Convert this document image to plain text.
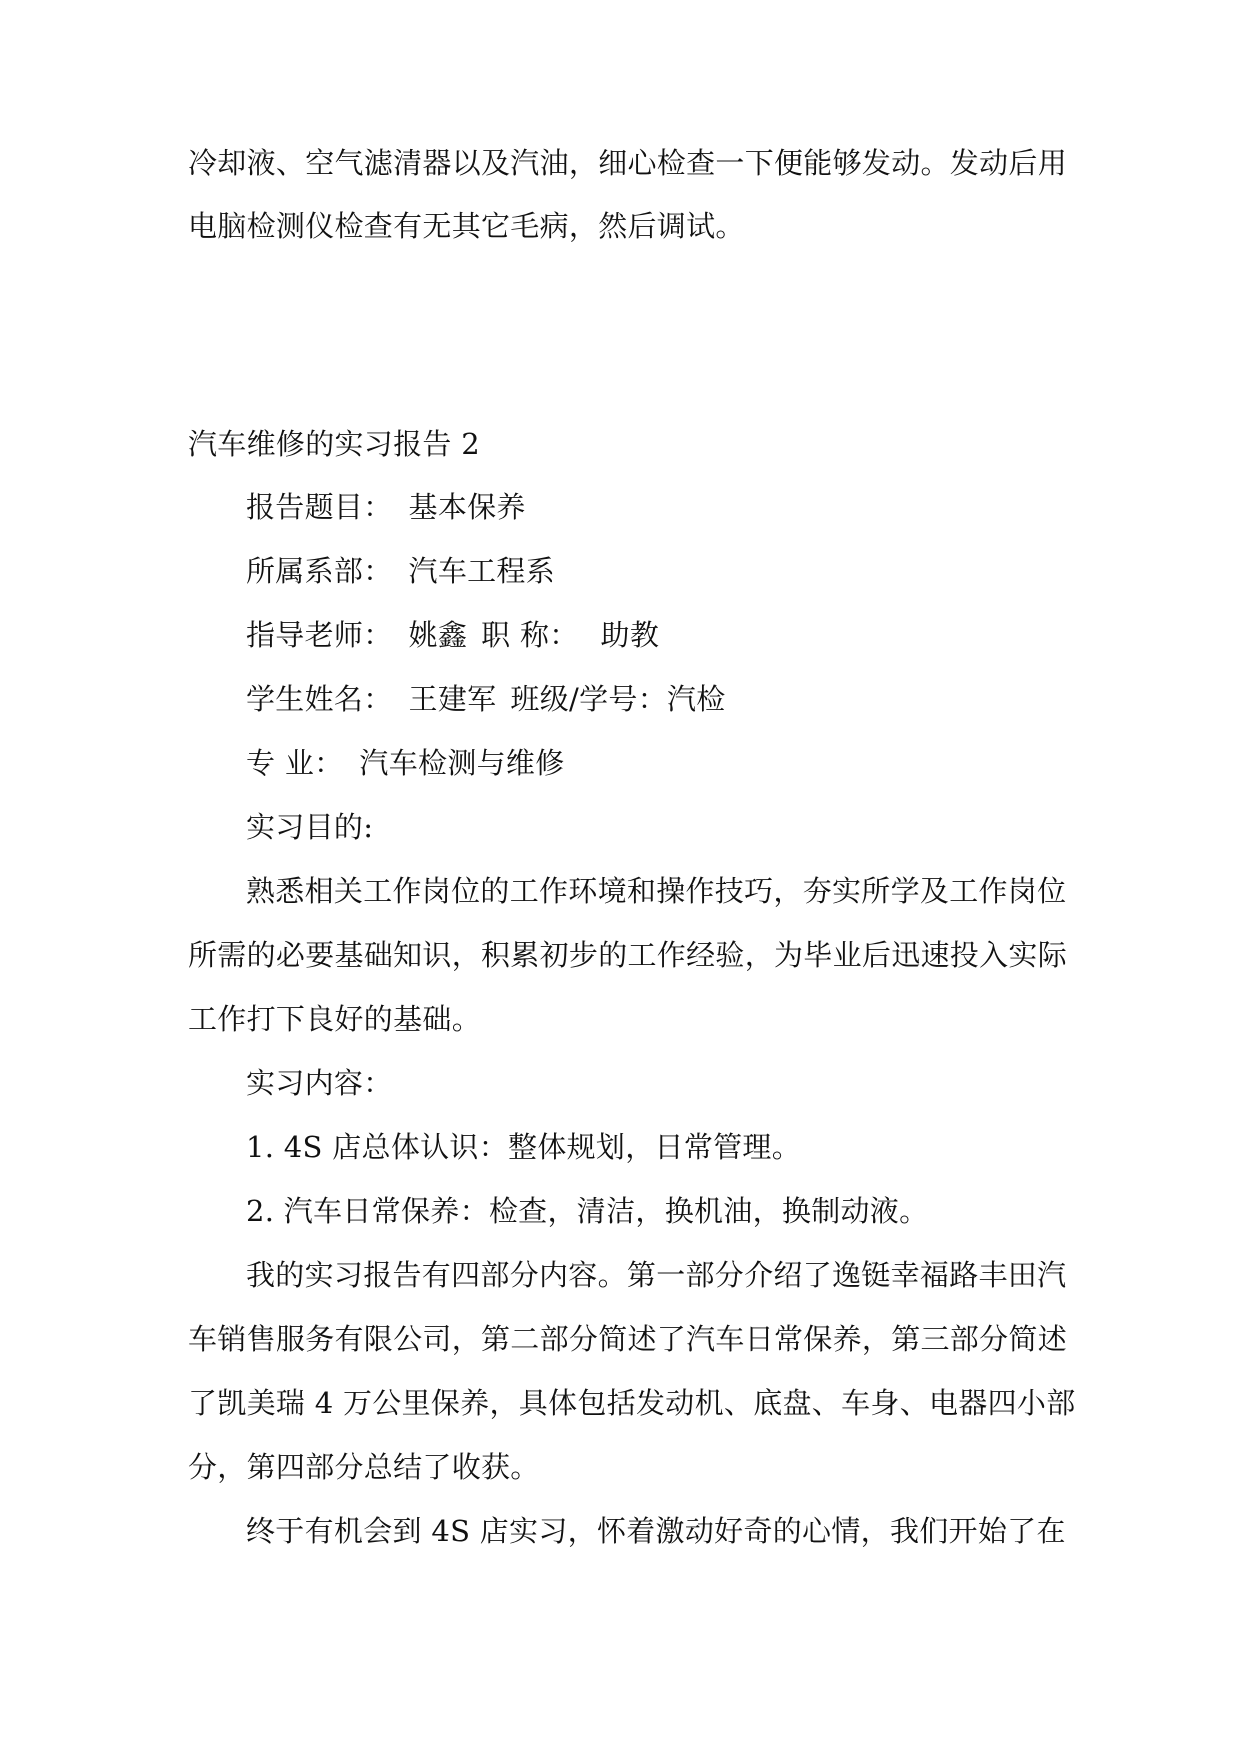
冷却液、空气滤清器以及汽油，细心检查一下便能够发动。发动后用
电脑检测仪检查有无其它毛病，然后调试。
汽车维修的实习报告 2
报告题目： 基本保养
所属系部： 汽车工程系
指导老师： 姚鑫 职 称： 助教
学生姓名： 王建军 班级/学号：汽检
专 业： 汽车检测与维修
实习目的:
熟悉相关工作岗位的工作环境和操作技巧，夯实所学及工作岗位
所需的必要基础知识，积累初步的工作经验，为毕业后迅速投入实际
工作打下良好的基础。
实习内容：
1. 4S 店总体认识：整体规划，日常管理。
2. 汽车日常保养：检查，清洁，换机油，换制动液。
我的实习报告有四部分内容。第一部分介绍了逸铤幸福路丰田汽
车销售服务有限公司，第二部分简述了汽车日常保养，第三部分简述
了凯美瑞 4 万公里保养，具体包括发动机、底盘、车身、电器四小部
分，第四部分总结了收获。
终于有机会到 4S 店实习，怀着激动好奇的心情，我们开始了在
